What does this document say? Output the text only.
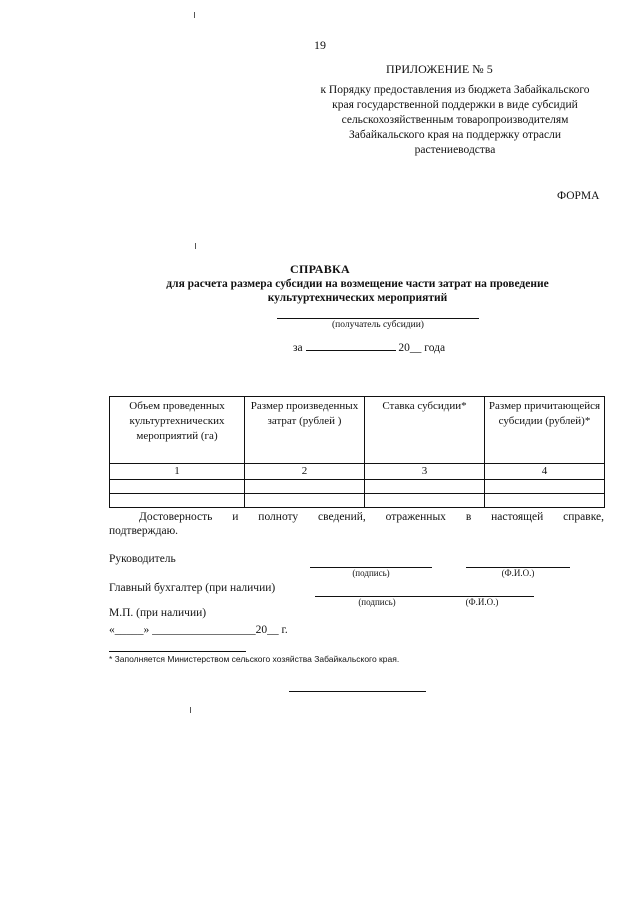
19
ПРИЛОЖЕНИЕ № 5
к Порядку предоставления из бюджета Забайкальского
края государственной поддержки в виде субсидий
сельскохозяйственным товаропроизводителям
Забайкальского края на поддержку отрасли
растениеводства
ФОРМА
СПРАВКА
для расчета размера субсидии на возмещение части затрат на проведение
культуртехнических мероприятий
(получатель субсидии)
за	20__ года
Объем проведенных культуртехнических мероприятий (га)	Размер произведенных затрат (рублей )	Ставка субсидии*	Размер причитающейся субсидии (рублей)*
1	2	3	4

Достоверность и полноту сведений, отраженных в настоящей справке,
подтверждаю.
Руководитель
(подпись)	(Ф.И.О.)
Главный бухгалтер (при наличии)
(подпись)	(Ф.И.О.)
М.П. (при наличии)
«_____» __________________20__ г.
* Заполняется Министерством сельского хозяйства Забайкальского края.
